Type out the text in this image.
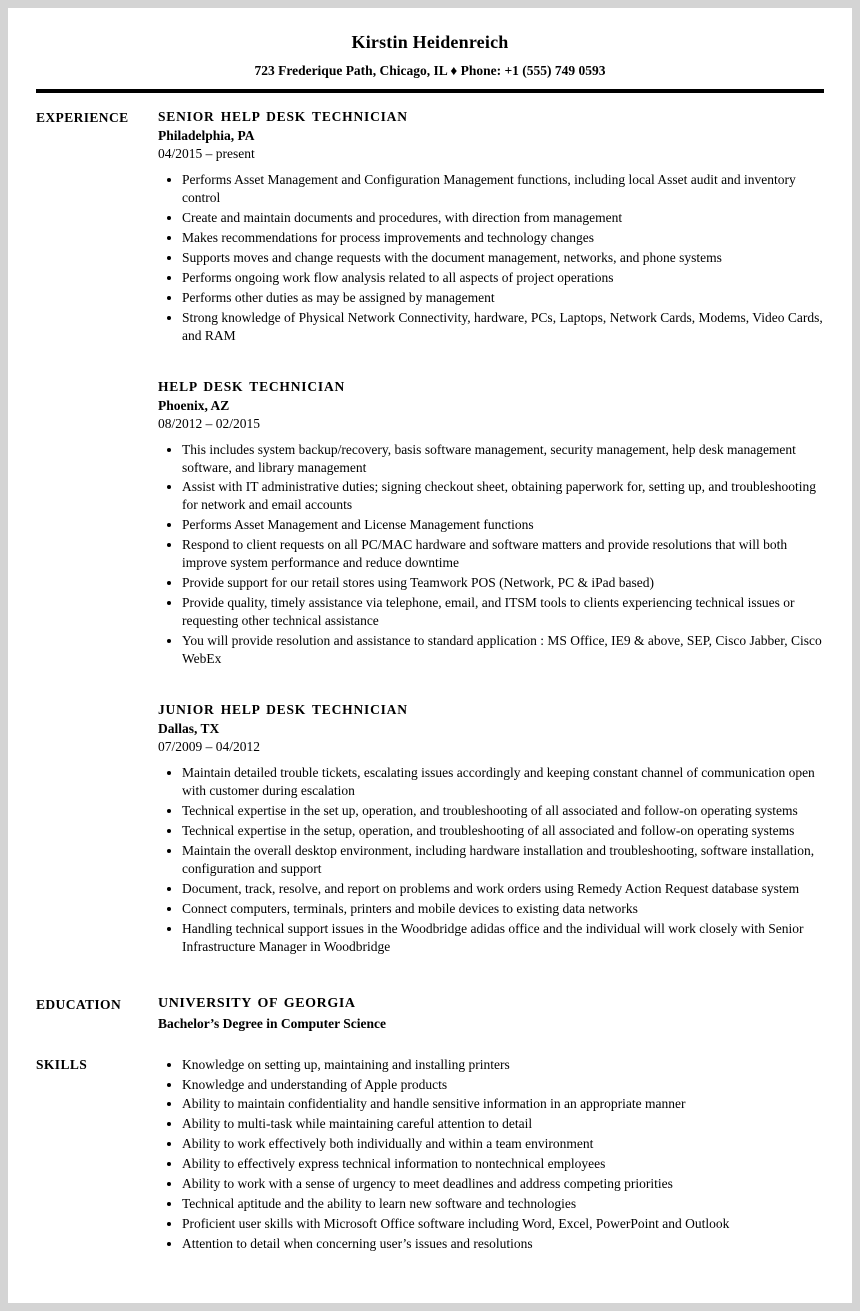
Kirstin Heidenreich

723 Frederique Path, Chicago, IL ♦ Phone: +1 (555) 749 0593

EXPERIENCE	SENIOR HELP DESK TECHNICIAN
Philadelphia, PA
04/2015 – present
• Performs Asset Management and Configuration Management functions, including local Asset audit and inventory control
• Create and maintain documents and procedures, with direction from management
• Makes recommendations for process improvements and technology changes
• Supports moves and change requests with the document management, networks, and phone systems
• Performs ongoing work flow analysis related to all aspects of project operations
• Performs other duties as may be assigned by management
• Strong knowledge of Physical Network Connectivity, hardware, PCs, Laptops, Network Cards, Modems, Video Cards, and RAM
HELP DESK TECHNICIAN
Phoenix, AZ
08/2012 – 02/2015
• This includes system backup/recovery, basis software management, security management, help desk management software, and library management
• Assist with IT administrative duties; signing checkout sheet, obtaining paperwork for, setting up, and troubleshooting for network and email accounts
• Performs Asset Management and License Management functions
• Respond to client requests on all PC/MAC hardware and software matters and provide resolutions that will both improve system performance and reduce downtime
• Provide support for our retail stores using Teamwork POS (Network, PC & iPad based)
• Provide quality, timely assistance via telephone, email, and ITSM tools to clients experiencing technical issues or requesting other technical assistance
• You will provide resolution and assistance to standard application : MS Office, IE9 & above, SEP, Cisco Jabber, Cisco WebEx
JUNIOR HELP DESK TECHNICIAN
Dallas, TX
07/2009 – 04/2012
• Maintain detailed trouble tickets, escalating issues accordingly and keeping constant channel of communication open with customer during escalation
• Technical expertise in the set up, operation, and troubleshooting of all associated and follow-on operating systems
• Technical expertise in the setup, operation, and troubleshooting of all associated and follow-on operating systems
• Maintain the overall desktop environment, including hardware installation and troubleshooting, software installation, configuration and support
• Document, track, resolve, and report on problems and work orders using Remedy Action Request database system
• Connect computers, terminals, printers and mobile devices to existing data networks
• Handling technical support issues in the Woodbridge adidas office and the individual will work closely with Senior Infrastructure Manager in Woodbridge
EDUCATION	UNIVERSITY OF GEORGIA
Bachelor’s Degree in Computer Science
SKILLS	• Knowledge on setting up, maintaining and installing printers
• Knowledge and understanding of Apple products
• Ability to maintain confidentiality and handle sensitive information in an appropriate manner
• Ability to multi-task while maintaining careful attention to detail
• Ability to work effectively both individually and within a team environment
• Ability to effectively express technical information to nontechnical employees
• Ability to work with a sense of urgency to meet deadlines and address competing priorities
• Technical aptitude and the ability to learn new software and technologies
• Proficient user skills with Microsoft Office software including Word, Excel, PowerPoint and Outlook
• Attention to detail when concerning user’s issues and resolutions
